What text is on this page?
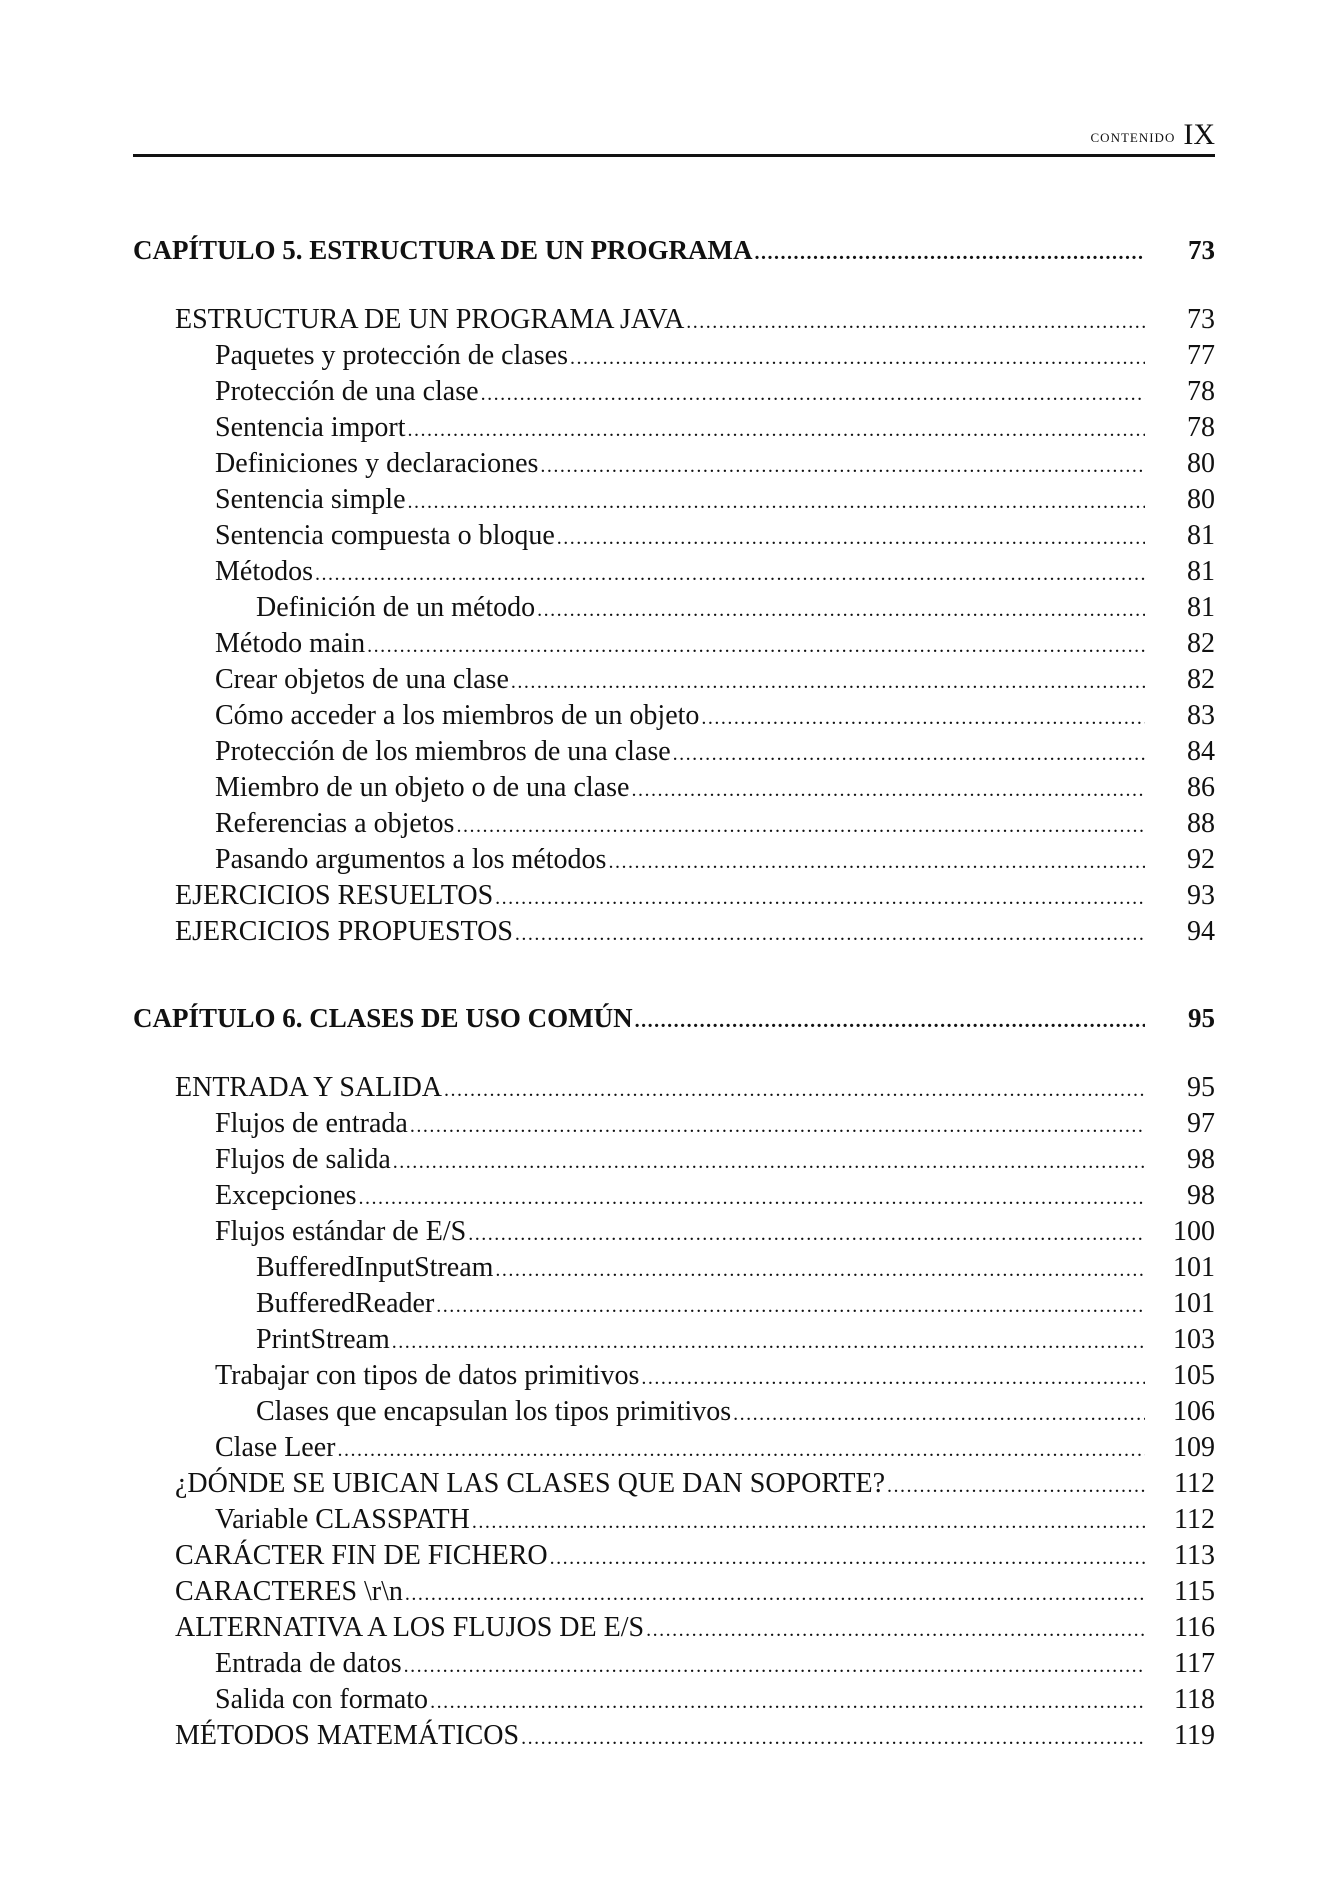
contenido IX
CAPÍTULO 5. ESTRUCTURA DE UN PROGRAMA .....	73
ESTRUCTURA DE UN PROGRAMA JAVA .....	73
Paquetes y protección de clases .....	77
Protección de una clase .....	78
Sentencia import .....	78
Definiciones y declaraciones .....	80
Sentencia simple .....	80
Sentencia compuesta o bloque .....	81
Métodos .....	81
Definición de un método .....	81
Método main .....	82
Crear objetos de una clase .....	82
Cómo acceder a los miembros de un objeto .....	83
Protección de los miembros de una clase .....	84
Miembro de un objeto o de una clase .....	86
Referencias a objetos .....	88
Pasando argumentos a los métodos .....	92
EJERCICIOS RESUELTOS .....	93
EJERCICIOS PROPUESTOS .....	94
CAPÍTULO 6. CLASES DE USO COMÚN .....	95
ENTRADA Y SALIDA .....	95
Flujos de entrada .....	97
Flujos de salida .....	98
Excepciones .....	98
Flujos estándar de E/S .....	100
BufferedInputStream .....	101
BufferedReader .....	101
PrintStream .....	103
Trabajar con tipos de datos primitivos .....	105
Clases que encapsulan los tipos primitivos .....	106
Clase Leer .....	109
¿DÓNDE SE UBICAN LAS CLASES QUE DAN SOPORTE? .....	112
Variable CLASSPATH .....	112
CARÁCTER FIN DE FICHERO .....	113
CARACTERES \r\n .....	115
ALTERNATIVA A LOS FLUJOS DE E/S .....	116
Entrada de datos .....	117
Salida con formato .....	118
MÉTODOS MATEMÁTICOS .....	119
